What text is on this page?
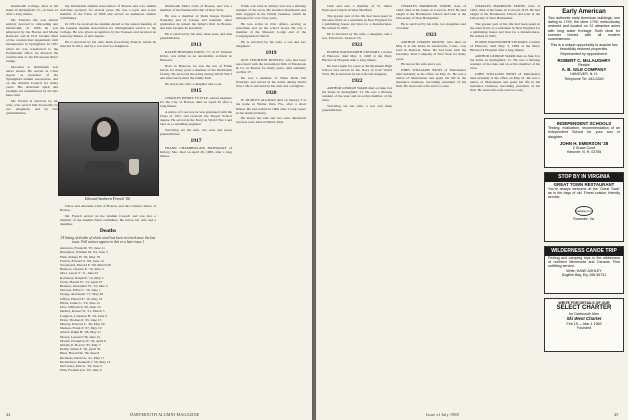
Dartmouth College, died at his home in Springfield, Vt., on June 14 after a long illness.

Mr. French's life was almost entirely devoted to railroading and Dartmouth; in 1906 he was employed by the Boston and Maine Railroad, and in 1911 became chief of the construction department with headquarters in Springfield. In 1937 when he was transferred to the Portsmouth office, he directed the construction of the Piscataqua River bridge.

Devotion to Dartmouth was never absent. He served as Class Agent, as president of the Springfield alumni association, and on the Alumni Council for many years. His dedicated spirit and example are remembered by all who knew him.

Mr. French is survived by his wife, who served him devotedly; by two daughters; and by five grandchildren.

the Dartmouth Alumni Association of Boston and was alumni activities secretary for several years. He was a loyal and active member of the Class of 1906 and served on numerous alumni committees.

In 1951 he received the Alumni Award at the annual meeting of the General Alumni Association for distinguished service to the College. He was given recognition by the Trustees and received an honorary Master of Arts degree.

He is survived by his wife, Ruth (Goodwin) French, whom he married in 1912, and by a son and two daughters.

Edward Sanborn French '06

Union and Alternate Club of Boston, and the Collister Junior of Boston.

Mr. French served on the Alumni Council and was also a member of the Alumni Fund committee. He leaves his wife and a daughter.

Deaths

[A listing of deaths of which word has been received since the last issue. Full notices appear in this or a later issue.]

Andrews, Frank M. '97, June 11

Houghton, William M. '03, June 3

Flint, Sidney H. '04, May 18

French, Edward S. '06, June 14

Woodward, Harold E. '08, March 20

Barstow, Charles E. '10, May 2

Ober, Lewis T. '11, June 22

Robinson, Ralph B. '12, May 5

Clark, Harold W. '13, April 27

Bennett, Alexander W. '14, June 4

Newton, Elliot C. '16, June 1

Dodge, Alexander '17, May 26

Jaffrey, Harold E. '18, May 31

Hicks, James L. '19, June 12

Dow, William P. '20, June 10

Dudley, Robert W. '21, March 5

Langlois, Laurence B. '24, June 3

Drew, Thomas P. '25, June 15

Murray, Edward C. '26, May 29

Nielsen, Frank P. '27, May 10

Allard, Ralph H. '28, May 21

Morey, Leonard '30, June 12

Martin, Frederick W. '34, April 8

Martin, P. Proctor '35, May 7

Reilly, James F. '36, April 30

Hunt, Harold M. '39, June 8

Richards, David A. '41, May 17

Richardson, Kenneth J. '50, May 13

McCreery, Paul G. '52, June 5

Finn, Frederick A. '65, June 6

Dartmouth Men's Club of Boston, and was a member of the Dartmouth Club of New York.

He was a member of Delta Kappa Epsilon fraternity and of Casque and Gauntlet. After graduation he joined his father's firm in Boston, and later became its president.

He is survived by his wife, three sons, and nine grandchildren.

1913

RALPH HOWARD DAVIS, 77, of 47 Valentin Drive, was killed in an automobile accident in Hanover.

Born in Hanover, he was the son of Frank Davis, for many years a member of the Dartmouth faculty. He served in the Army during World War I and afterward joined the family firm.

He leaves his wife, a daughter and a son.

1915

CHARLES HENRY TUTTLE, retired engineer for the City of Boston, died on April 20 after a long illness.

A native of Concord, he was graduated with the Class of 1915 and received the Thayer School degree. He served in the Navy in World War I and later as a consulting engineer.

Surviving are his wife, two sons and seven grandchildren.

1917

FRANK CHAMBERLAIN HATHAWAY of Kittery, Me., died on April 29, 1968, after a long illness.

Frank was born in Kittery and was a lifelong resident of the town. He attended Dartmouth and then engaged in the family business, which he managed for over forty years.

He was active in civic affairs, serving as selectman and on the school board. He was a member of the Masonic Lodge and of the Congregational Church.

He is survived by his wife, a son and two daughters.

1919

ROY LEIGHTON BOWLES, who had been associated with the investment firm of Estabrook & Co. in Boston for many years, died suddenly on May 27.

He was a member of Theta Delta Chi fraternity and served in the Army during World War I. He is survived by his wife and a daughter.

1920

H. DUDLEY ALLMAN died on January 3 at his home in Winter Park, Fla., after a short illness. He had retired in 1960 after a long career in the textile industry.

He leaves his wife and two sons. Memorial services were held in Winter Park.

44	DARTMOUTH ALUMNI MAGAZINE

Club and also a member of St. John's Episcopal Church in West Medford.

The greater part of his life had been spent in the sales field; as a salesman in New England for a publishing house and later for a manufacturer. He retired in 1965.

He is survived by his wife, a daughter, and a son, Edward A. Jackson '53.

1921

ELMER WADSWORTH STEWART, a native of Hanover, died May 3, 1968 at the Mary Hitchcock Hospital after a long illness.

He had taught for years at the Plymouth High School and served in the Navy in both World Wars. He is survived by his wife and daughter.

1922

ARTHUR GEORGE WARD died on June 6 at his home in Springfield, Vt. He was a lifelong resident of the state and an active member of his class.

Surviving are his wife, a son and three grandchildren.

CHARLES HARRISON SMITH, class of 1923, died at his home in Concord, N.H. He had taught at the Holderness School and later at the University of New Hampshire.

He is survived by his wife, two daughters and a brother.

1923

ARTHUR CHAPIN MOUSE, who died on May 6 at his home in Greenwich, Conn., was born in Danvers, Mass. He had been with the Guaranty Trust Company of New York for many years.

He leaves his wife and a son.

JOHN WILLIAMS BUSH of Manchester died suddenly at his office on May 21. He was a native of Manchester and spent his life in the insurance business, becoming president of his firm. He leaves his wife and two sons.

CHARLES HARRISON SMITH, class of 1923, died at his home in Concord, N.H. He had taught at the Holderness School and later at the University of New Hampshire.

The greater part of his life had been spent in the sales field; as a salesman in New England for a publishing house and later for a manufacturer. He retired in 1965.

ELMER WADSWORTH STEWART, a native of Hanover, died May 3, 1968 at the Mary Hitchcock Hospital after a long illness.

ARTHUR GEORGE WARD died on June 6 at his home in Springfield, Vt. He was a lifelong resident of the state and an active member of his class.

JOHN WILLIAMS BUSH of Manchester died suddenly at his office on May 21. He was a native of Manchester and spent his life in the insurance business, becoming president of his firm. He leaves his wife and two sons.

Early American
Two authentic early American buildings, one dating to 1799, the other 1790, meticulously restored and located on 12 attractive acres with long water frontage. Both ideal for summer homes with all modern conveniences.
This is a unique opportunity to acquire two beautifully restored properties.
Represented by appointment:
ROBERT C. McLAUGHRY
Realtor
A. B. GILE COMPANY
HANOVER, N. H.
Telephone Tel. 643-4340
INDEPENDENT SCHOOLS
Testing, evaluation, recommendation of an Independent School for your son or daughter.
JOHN H. EMERSON '38
2 Grace Court
Hanover, N. H. 03755
STOP BY IN VIRGINIA
GREAT TOWN RESTAURANT
You're always welcome at the 'Great Town' as in the days of old. Finest cuisine, friendly service.
Holiday Inn
Roanoke, Va.
WILDERNESS CANOE TRIP
Fishing and camping trips in the wilderness of northern Minnesota and Canada. Fine outfitting service.
Write: HANK ASHLEY
Dogfish Bay, Ely, MN 55731
WRITE FOR DETAILS OF OUR
SELECT CHARTER
for Dartmouth Men
Ski West Charter
Feb 15 — Mar 1 1969
Founded
Issue of July 1968	45
